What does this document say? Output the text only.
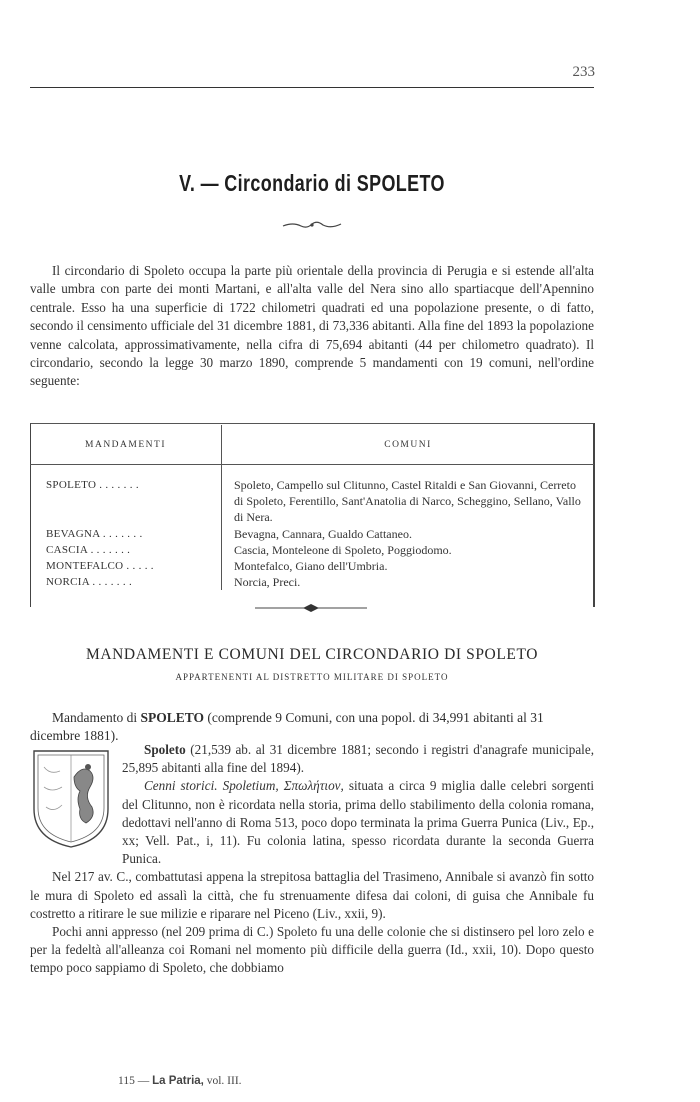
233
V. — Circondario di SPOLETO

Il circondario di Spoleto occupa la parte più orientale della provincia di Perugia e si estende all'alta valle umbra con parte dei monti Martani, e all'alta valle del Nera sino allo spartiacque dell'Apennino centrale. Esso ha una superficie di 1722 chilometri quadrati ed una popolazione presente, o di fatto, secondo il censimento ufficiale del 31 dicembre 1881, di 73,336 abitanti. Alla fine del 1893 la popolazione venne calcolata, approssimativamente, nella cifra di 75,694 abitanti (44 per chilometro quadrato). Il circondario, secondo la legge 30 marzo 1890, comprende 5 mandamenti con 19 comuni, nell'ordine seguente:

MANDAMENTI	COMUNI
SPOLETO . . . . . . .	Spoleto, Campello sul Clitunno, Castel Ritaldi e San Giovanni, Cerreto di Spoleto, Ferentillo, Sant'Anatolia di Narco, Scheggino, Sellano, Vallo di Nera.
BEVAGNA . . . . . . .	Bevagna, Cannara, Gualdo Cattaneo.
CASCIA . . . . . . .	Cascia, Monteleone di Spoleto, Poggiodomo.
MONTEFALCO . . . . .	Montefalco, Giano dell'Umbria.
NORCIA . . . . . . .	Norcia, Preci.
MANDAMENTI E COMUNI DEL CIRCONDARIO DI SPOLETO
APPARTENENTI AL DISTRETTO MILITARE DI SPOLETO
Mandamento di SPOLETO (comprende 9 Comuni, con una popol. di 34,991 abitanti al 31 dicembre 1881).

Spoleto (21,539 ab. al 31 dicembre 1881; secondo i registri d'anagrafe municipale, 25,895 abitanti alla fine del 1894).

Cenni storici. Spoletium, Σπωλήτιον, situata a circa 9 miglia dalle celebri sorgenti del Clitunno, non è ricordata nella storia, prima dello stabilimento della colonia romana, dedottavi nell'anno di Roma 513, poco dopo terminata la prima Guerra Punica (Liv., Ep., xx; Vell. Pat., i, 11). Fu colonia latina, spesso ricordata durante la seconda Guerra Punica.

Nel 217 av. C., combattutasi appena la strepitosa battaglia del Trasimeno, Annibale si avanzò fin sotto le mura di Spoleto ed assalì la città, che fu strenuamente difesa dai coloni, di guisa che Annibale fu costretto a ritirare le sue milizie e riparare nel Piceno (Liv., xxii, 9).

Pochi anni appresso (nel 209 prima di C.) Spoleto fu una delle colonie che si distinsero pel loro zelo e per la fedeltà all'alleanza coi Romani nel momento più difficile della guerra (Id., xxii, 10). Dopo questo tempo poco sappiamo di Spoleto, che dobbiamo

115 — La Patria, vol. III.
